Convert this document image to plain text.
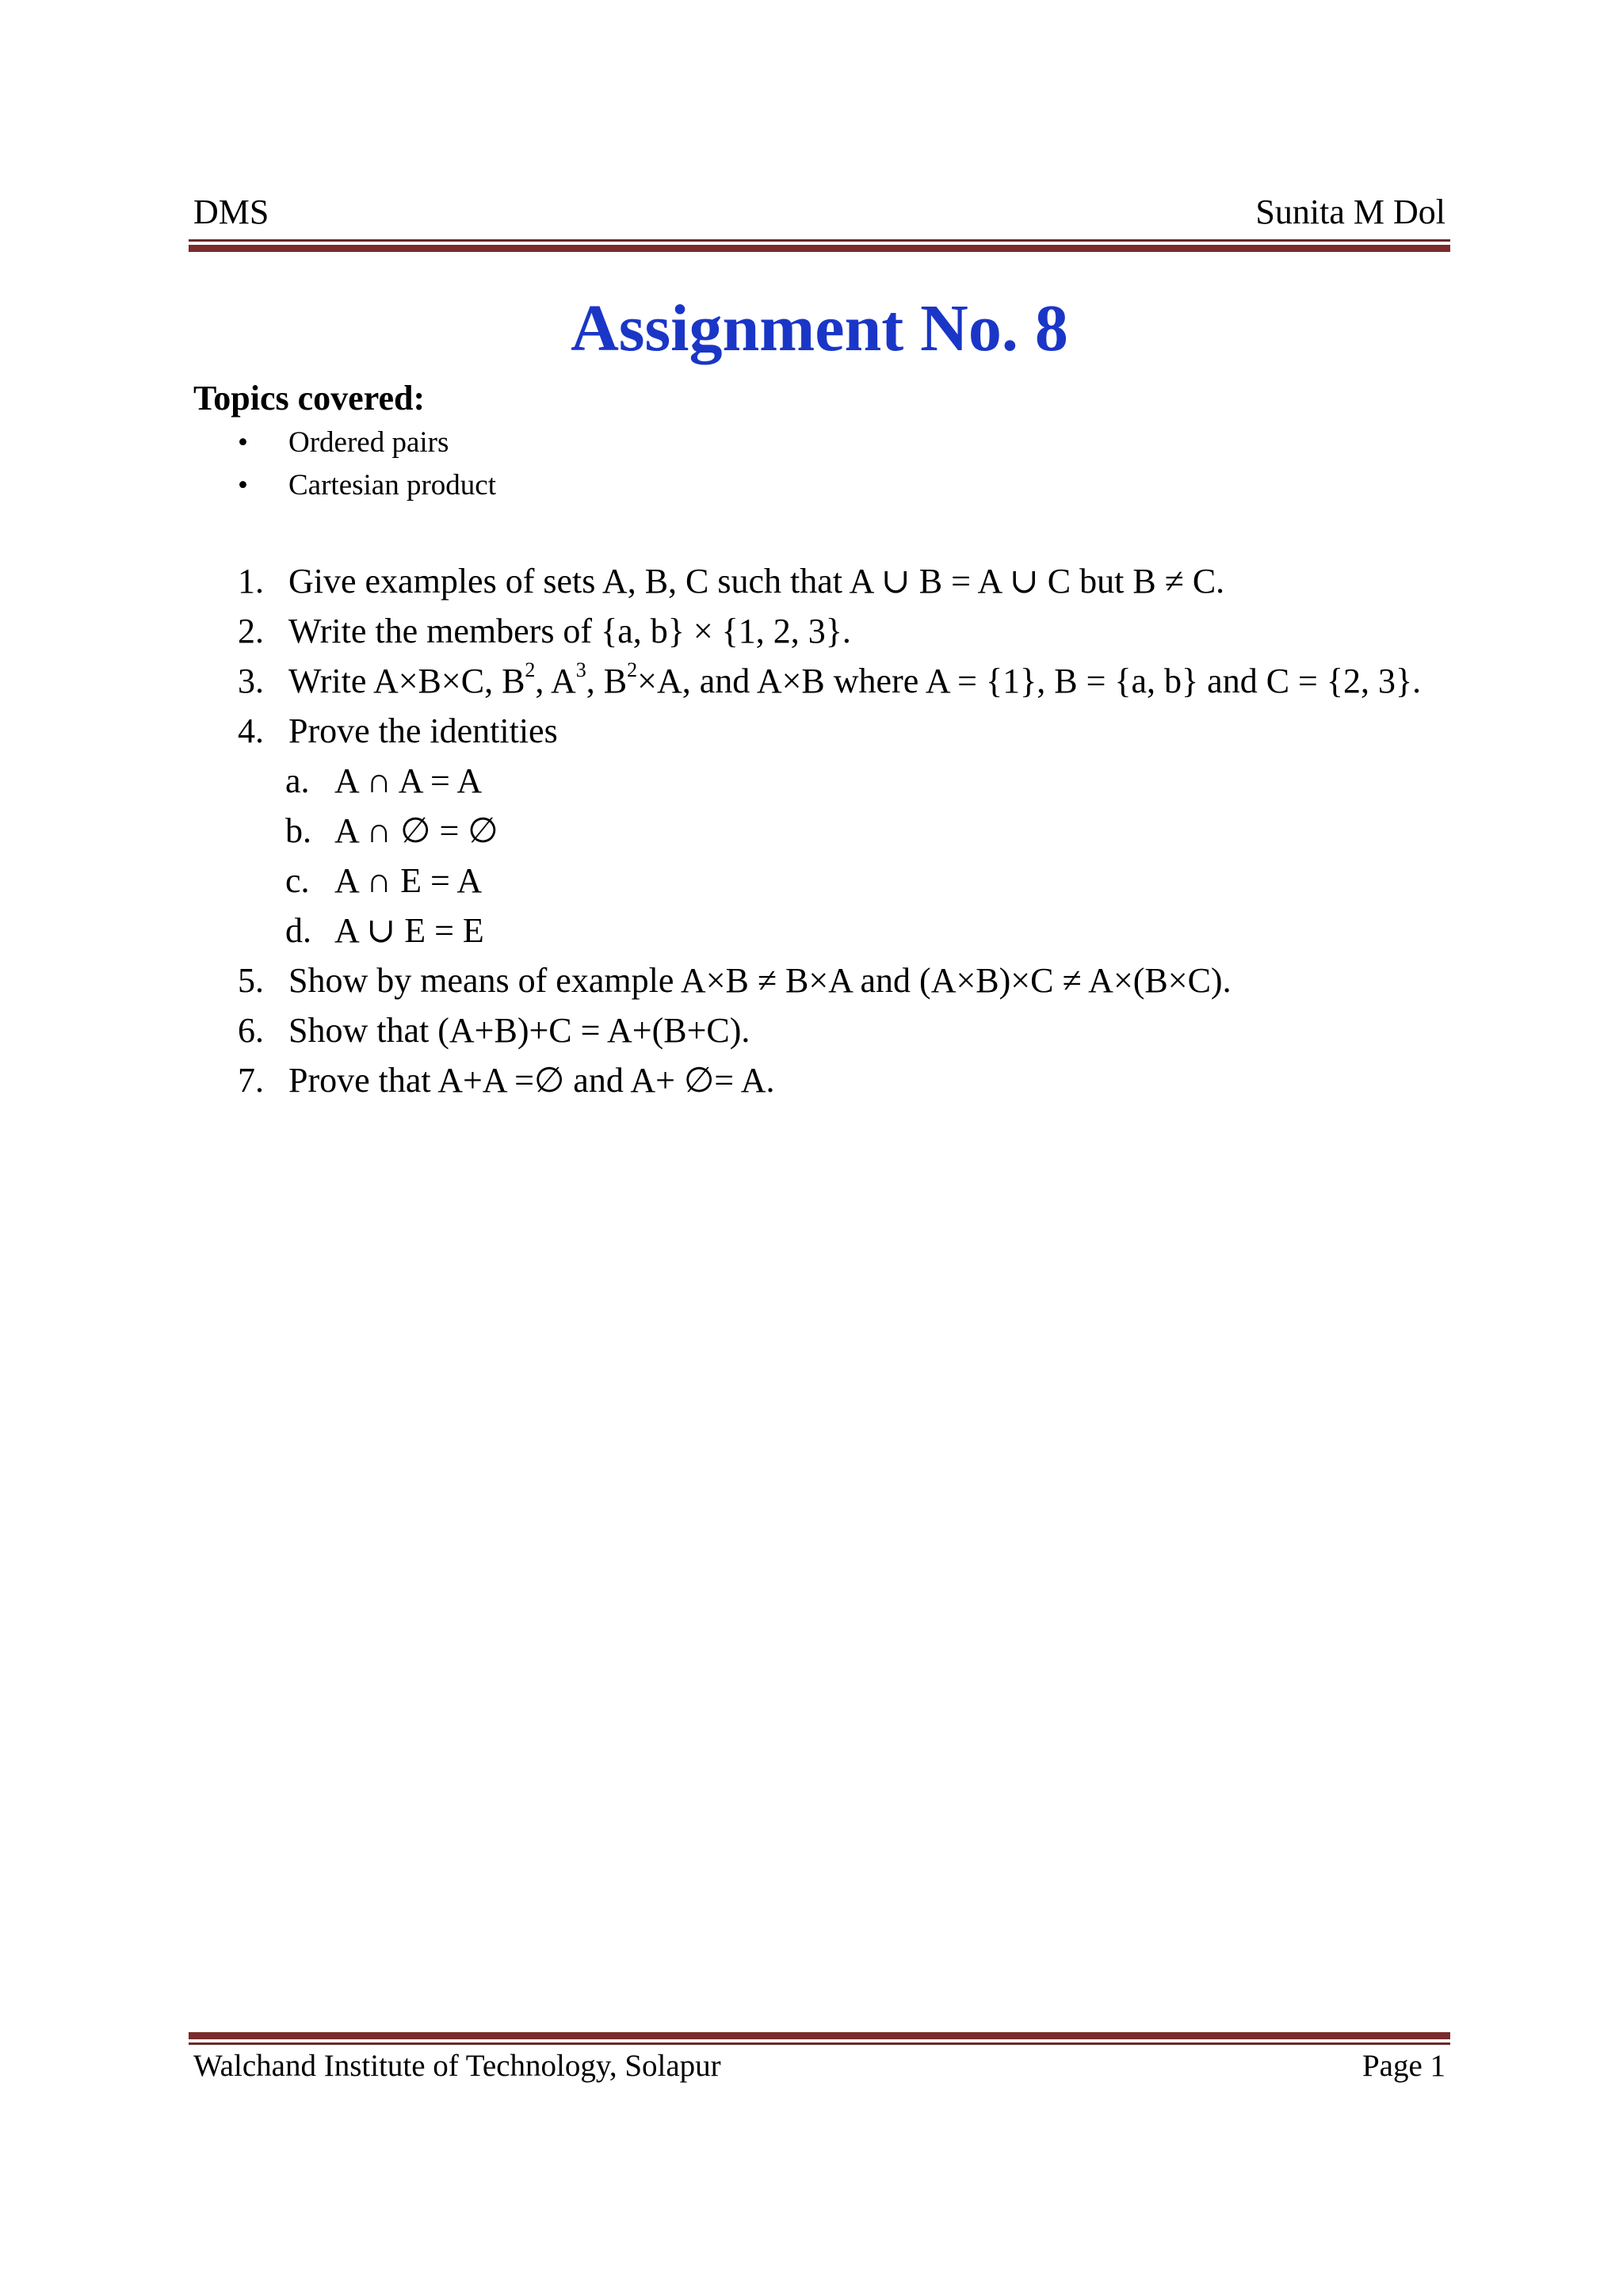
DMS	Sunita M Dol
Assignment No. 8
Topics covered:
• Ordered pairs
• Cartesian product
1. Give examples of sets A, B, C such that A ∪ B = A ∪ C but B ≠ C.
2. Write the members of {a, b} × {1, 2, 3}.
3. Write A×B×C, $B^2$, $A^3$, $B^2\times A$, and A×B where A = {1}, B = {a, b} and C = {2, 3}.
4. Prove the identities
a. A ∩ A = A
b. A ∩ ∅ = ∅
c. A ∩ E = A
d. A ∪ E = E
5. Show by means of example A×B ≠ B×A and (A×B)×C ≠ A×(B×C).
6. Show that (A+B)+C = A+(B+C).
7. Prove that A+A =∅ and A+ ∅= A.
Walchand Institute of Technology, Solapur	Page 1
